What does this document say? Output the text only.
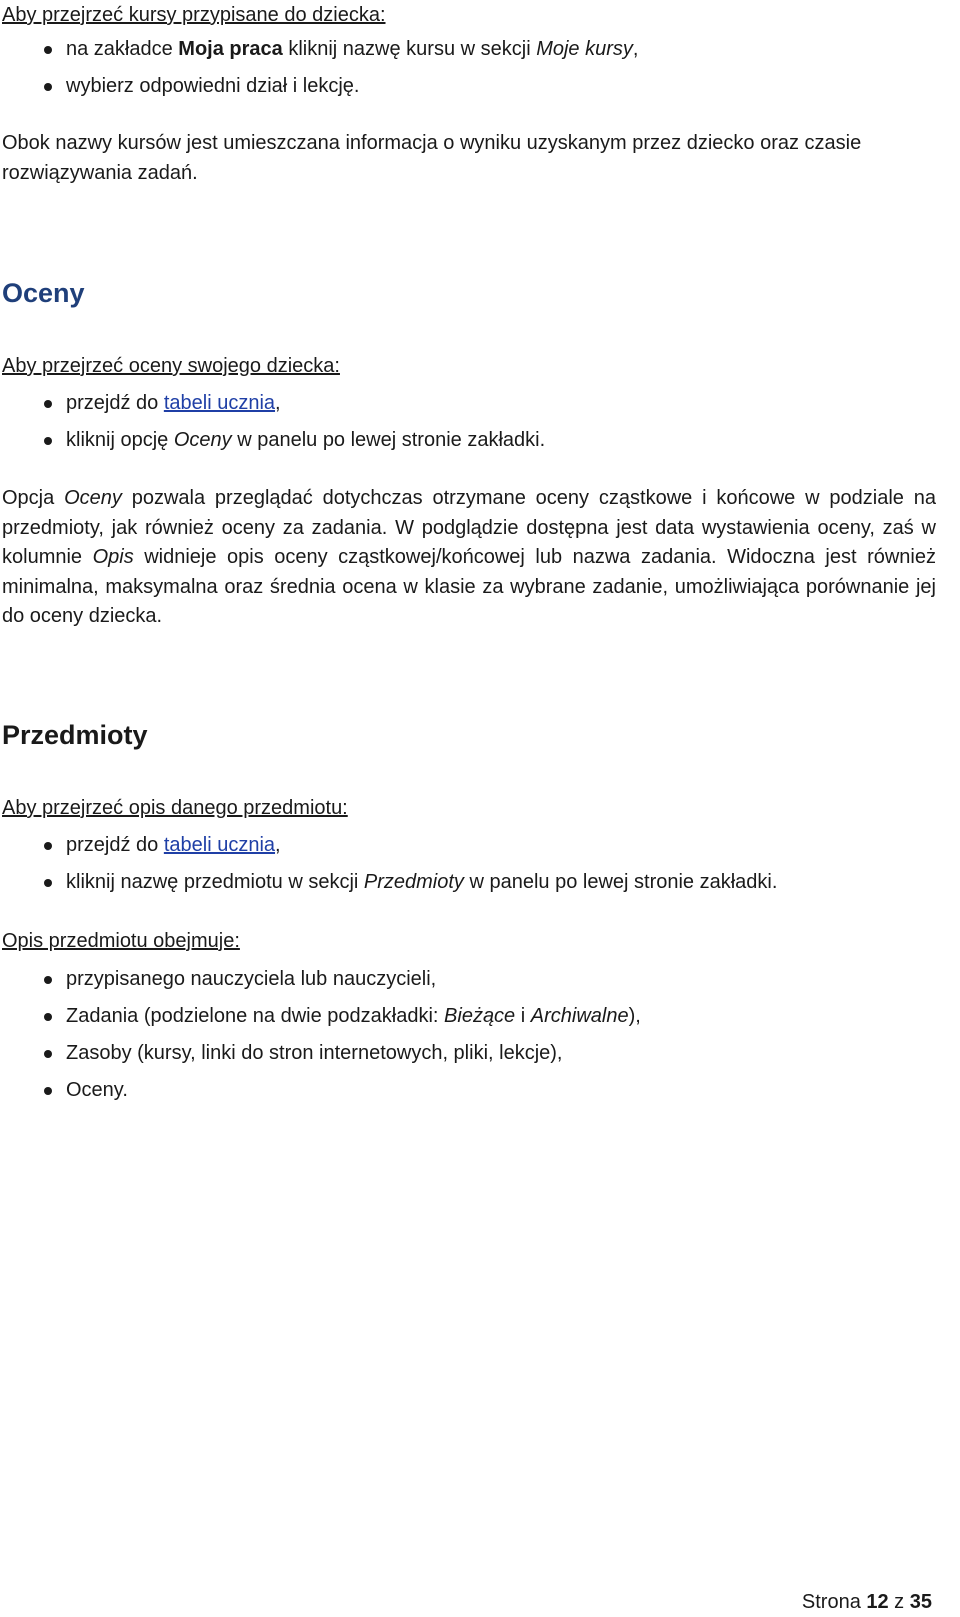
Aby przejrzeć kursy przypisane do dziecka:

na zakładce Moja praca kliknij nazwę kursu w sekcji Moje kursy,
wybierz odpowiedni dział i lekcję.

Obok nazwy kursów jest umieszczana informacja o wyniku uzyskanym przez dziecko oraz czasie rozwiązywania zadań.

Oceny

Aby przejrzeć oceny swojego dziecka:

przejdź do tabeli ucznia,
kliknij opcję Oceny w panelu po lewej stronie zakładki.

Opcja Oceny pozwala przeglądać dotychczas otrzymane oceny cząstkowe i końcowe w podziale na przedmioty, jak również oceny za zadania. W podglądzie dostępna jest data wystawienia oceny, zaś w kolumnie Opis widnieje opis oceny cząstkowej/końcowej lub nazwa zadania. Widoczna jest również minimalna, maksymalna oraz średnia ocena w klasie za wybrane zadanie, umożliwiająca porównanie jej do oceny dziecka.

Przedmioty

Aby przejrzeć opis danego przedmiotu:

przejdź do tabeli ucznia,
kliknij nazwę przedmiotu w sekcji Przedmioty w panelu po lewej stronie zakładki.

Opis przedmiotu obejmuje:

przypisanego nauczyciela lub nauczycieli,
Zadania (podzielone na dwie podzakładki: Bieżące i Archiwalne),
Zasoby (kursy, linki do stron internetowych, pliki, lekcje),
Oceny.
Strona 12 z 35
